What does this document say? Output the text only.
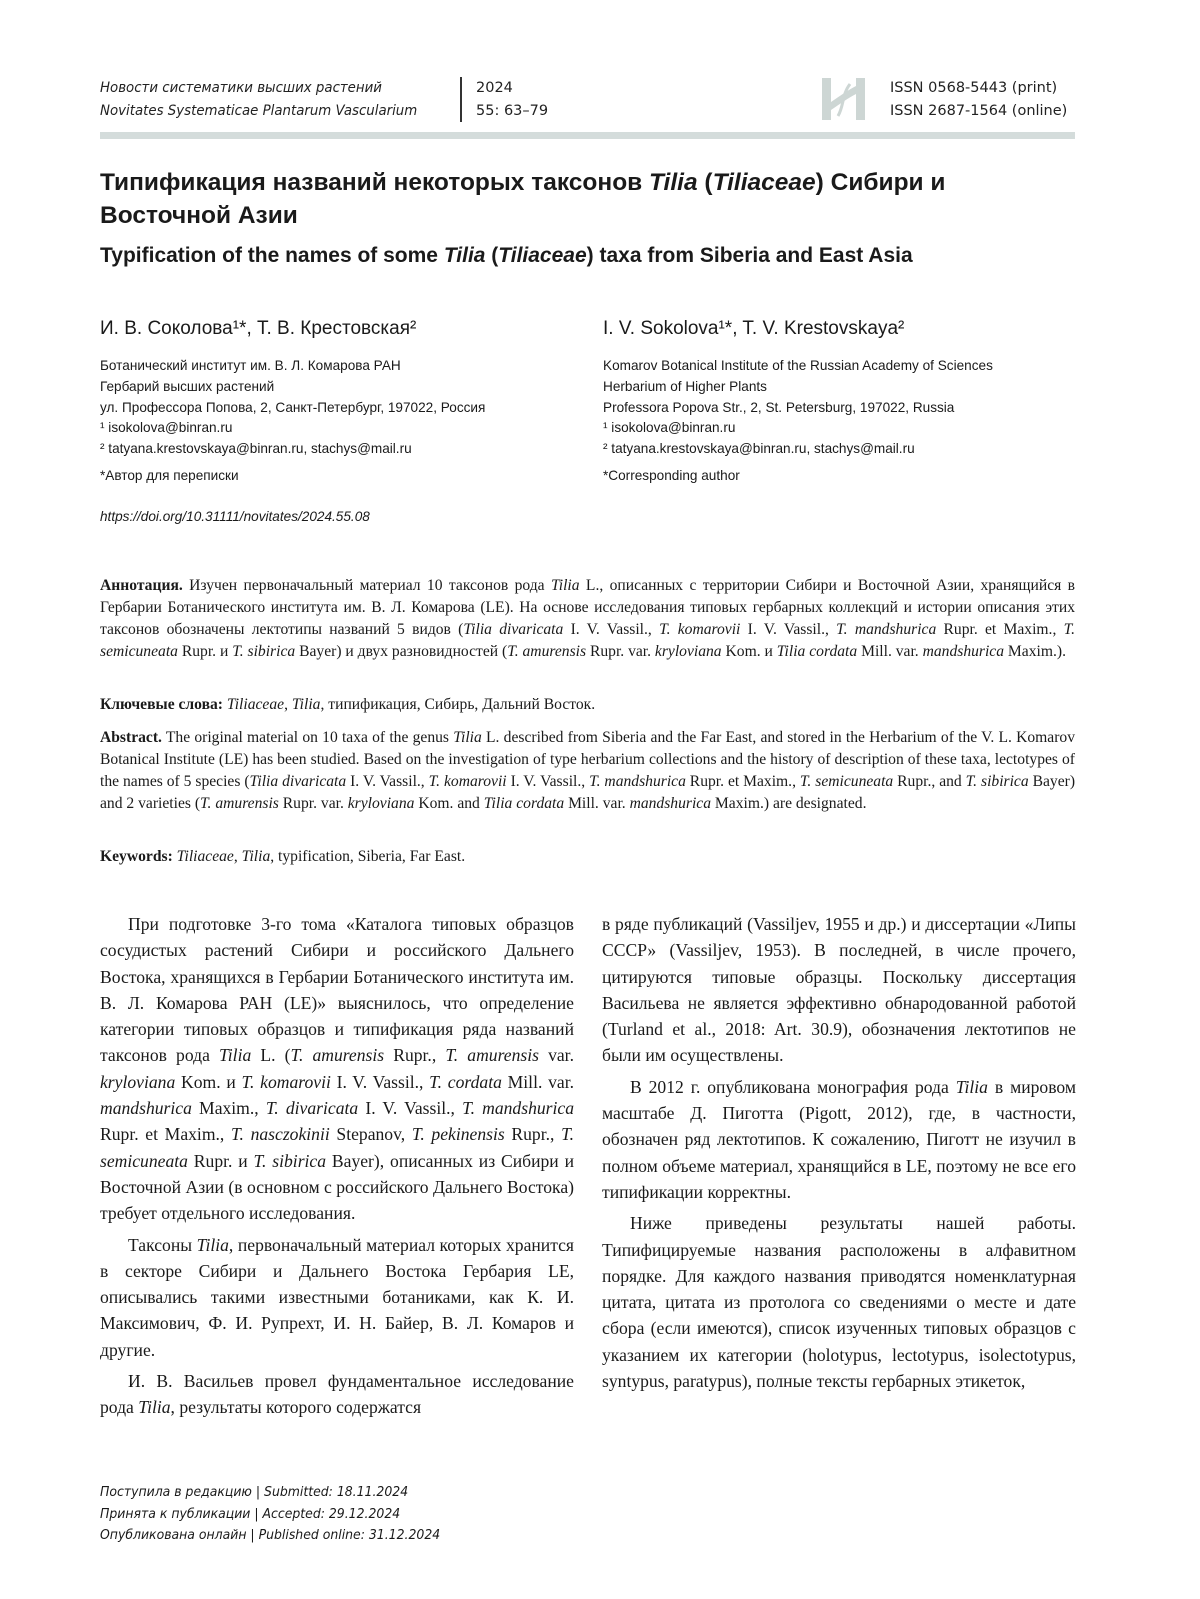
Новости систематики высших растений
Novitates Systematicae Plantarum Vascularium
2024
55: 63–79
ISSN 0568-5443 (print)
ISSN 2687-1564 (online)
Типификация названий некоторых таксонов Tilia (Tiliaceae) Сибири и Восточной Азии
Typification of the names of some Tilia (Tiliaceae) taxa from Siberia and East Asia
И. В. Соколова¹*, Т. В. Крестовская²	I. V. Sokolova¹*, T. V. Krestovskaya²
Ботанический институт им. В. Л. Комарова РАН
Гербарий высших растений
ул. Профессора Попова, 2, Санкт-Петербург, 197022, Россия
¹ isokolova@binran.ru
² tatyana.krestovskaya@binran.ru, stachys@mail.ru
*Автор для переписки
Komarov Botanical Institute of the Russian Academy of Sciences
Herbarium of Higher Plants
Professora Popova Str., 2, St. Petersburg, 197022, Russia
¹ isokolova@binran.ru
² tatyana.krestovskaya@binran.ru, stachys@mail.ru
*Corresponding author
https://doi.org/10.31111/novitates/2024.55.08

Аннотация. Изучен первоначальный материал 10 таксонов рода Tilia L., описанных с территории Сибири и Восточной Азии, хранящийся в Гербарии Ботанического института им. В. Л. Комарова (LE). На основе исследования типовых гербарных коллекций и истории описания этих таксонов обозначены лектотипы названий 5 видов (Tilia divaricata I. V. Vassil., T. komarovii I. V. Vassil., T. mandshurica Rupr. et Maxim., T. semicuneata Rupr. и T. sibirica Bayer) и двух разновидностей (T. amurensis Rupr. var. kryloviana Kom. и Tilia cordata Mill. var. mandshurica Maxim.).

Ключевые слова: Tiliaceae, Tilia, типификация, Сибирь, Дальний Восток.

Abstract. The original material on 10 taxa of the genus Tilia L. described from Siberia and the Far East, and stored in the Herbarium of the V. L. Komarov Botanical Institute (LE) has been studied. Based on the investigation of type herbarium collections and the history of description of these taxa, lectotypes of the names of 5 species (Tilia divaricata I. V. Vassil., T. komarovii I. V. Vassil., T. mandshurica Rupr. et Maxim., T. semicuneata Rupr., and T. sibirica Bayer) and 2 varieties (T. amurensis Rupr. var. kryloviana Kom. and Tilia cordata Mill. var. mandshurica Maxim.) are designated.

Keywords: Tiliaceae, Tilia, typification, Siberia, Far East.

При подготовке 3-го тома «Каталога типовых образцов сосудистых растений Сибири и российского Дальнего Востока, хранящихся в Гербарии Ботанического института им. В. Л. Комарова РАН (LE)» выяснилось, что определение категории типовых образцов и типификация ряда названий таксонов рода Tilia L. (T. amurensis Rupr., T. amurensis var. kryloviana Kom. и T. komarovii I. V. Vassil., T. cordata Mill. var. mandshurica Maxim., T. divaricata I. V. Vassil., T. mandshurica Rupr. et Maxim., T. nasczokinii Stepanov, T. pekinensis Rupr., T. semicuneata Rupr. и T. sibirica Bayer), описанных из Сибири и Восточной Азии (в основном с российского Дальнего Востока) требует отдельного исследования.

Таксоны Tilia, первоначальный материал которых хранится в секторе Сибири и Дальнего Востока Гербария LE, описывались такими известными ботаниками, как К. И. Максимович, Ф. И. Рупрехт, И. Н. Байер, В. Л. Комаров и другие.

И. В. Васильев провел фундаментальное исследование рода Tilia, результаты которого содержатся

в ряде публикаций (Vassiljev, 1955 и др.) и диссертации «Липы СССР» (Vassiljev, 1953). В последней, в числе прочего, цитируются типовые образцы. Поскольку диссертация Васильева не является эффективно обнародованной работой (Turland et al., 2018: Art. 30.9), обозначения лектотипов не были им осуществлены.

В 2012 г. опубликована монография рода Tilia в мировом масштабе Д. Пиготта (Pigott, 2012), где, в частности, обозначен ряд лектотипов. К сожалению, Пиготт не изучил в полном объеме материал, хранящийся в LE, поэтому не все его типификации корректны.

Ниже приведены результаты нашей работы. Типифицируемые названия расположены в алфавитном порядке. Для каждого названия приводятся номенклатурная цитата, цитата из протолога со сведениями о месте и дате сбора (если имеются), список изученных типовых образцов с указанием их категории (holotypus, lectotypus, isolectotypus, syntypus, paratypus), полные тексты гербарных этикеток,

Поступила в редакцию | Submitted: 18.11.2024
Принята к публикации | Accepted: 29.12.2024
Опубликована онлайн | Published online: 31.12.2024
